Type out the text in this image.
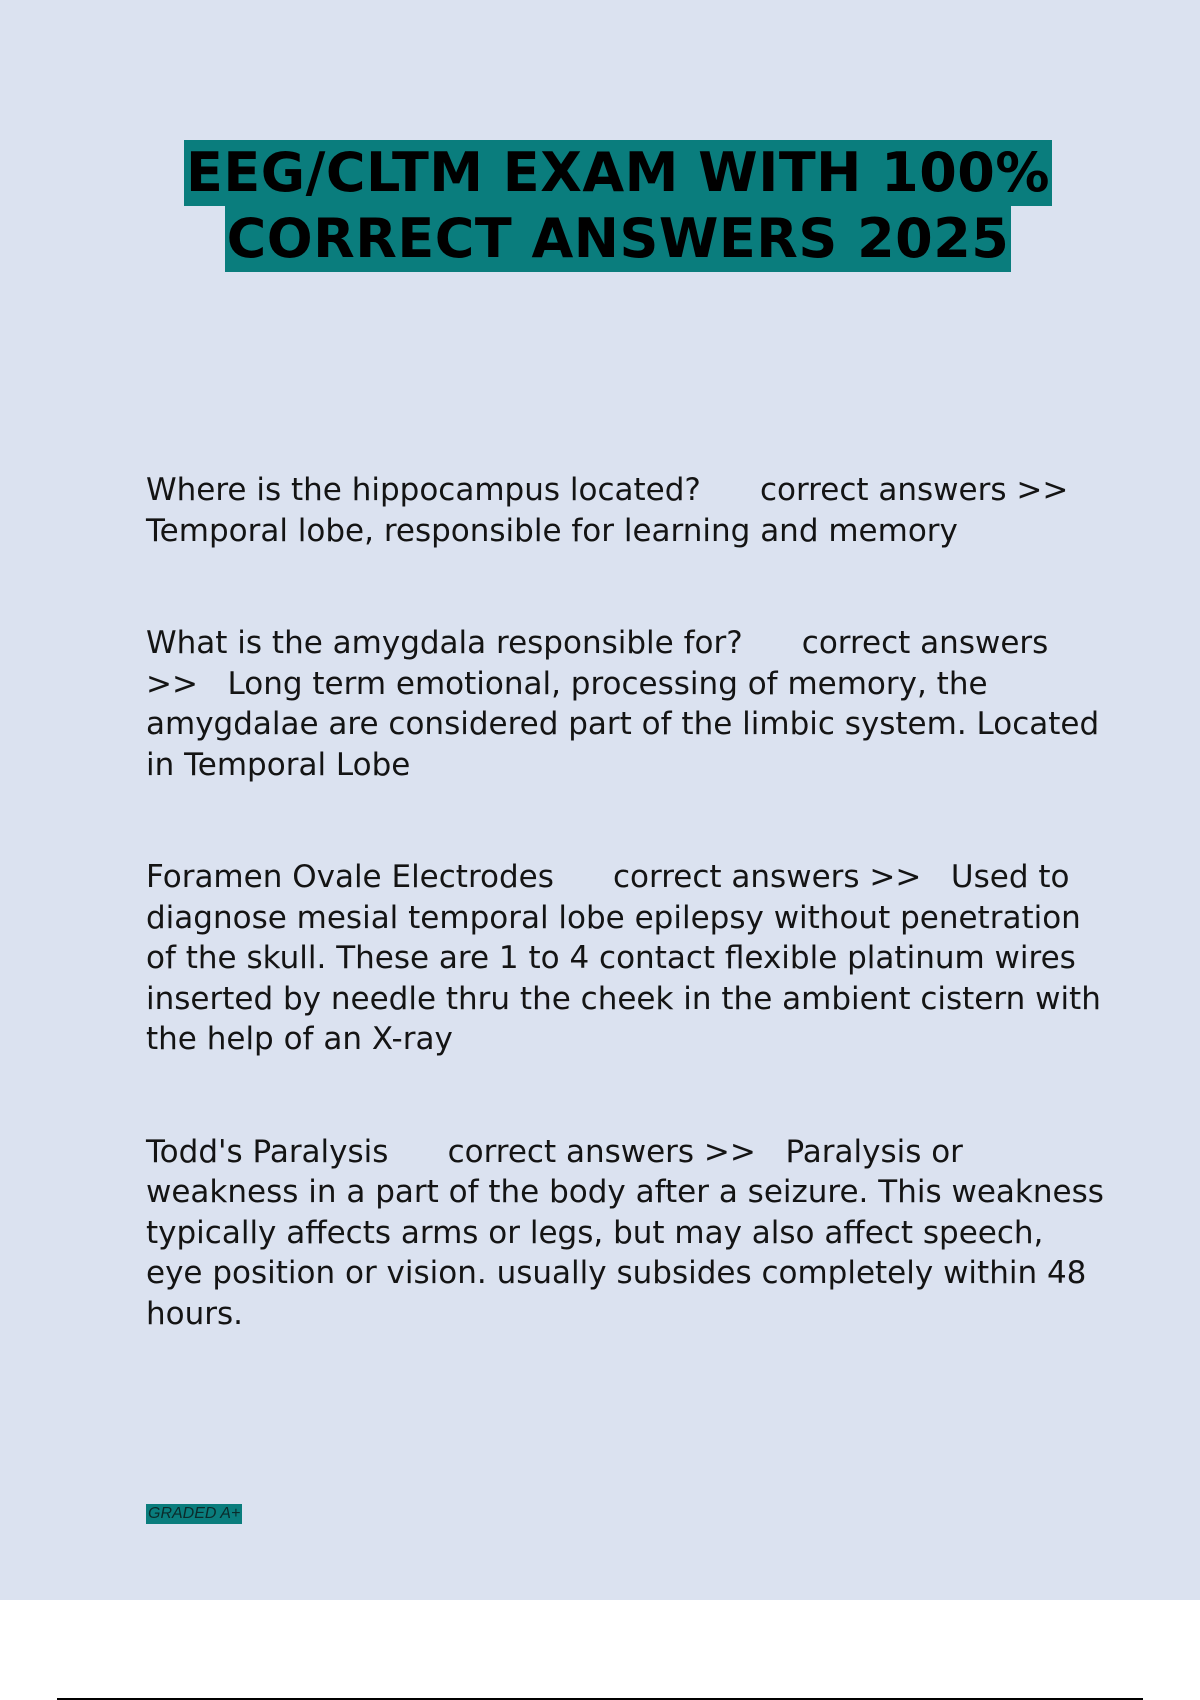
EEG/CLTM EXAM WITH 100%
CORRECT ANSWERS 2025

Where is the hippocampus located? correct answers >>   Temporal lobe, responsible for learning and memory

What is the amygdala responsible for? correct answers >> Long term emotional, processing of memory, the amygdalae are considered part of the limbic system. Located in Temporal Lobe

Foramen Ovale Electrodes correct answers >> Used to diagnose mesial temporal lobe epilepsy without penetration of the skull. These are 1 to 4 contact flexible platinum wires inserted by needle thru the cheek in the ambient cistern with the help of an X-ray

Todd's Paralysis correct answers >> Paralysis or weakness in a part of the body after a seizure. This weakness typically affects arms or legs, but may also affect speech, eye position or vision. usually subsides completely within 48 hours.

GRADED A+
